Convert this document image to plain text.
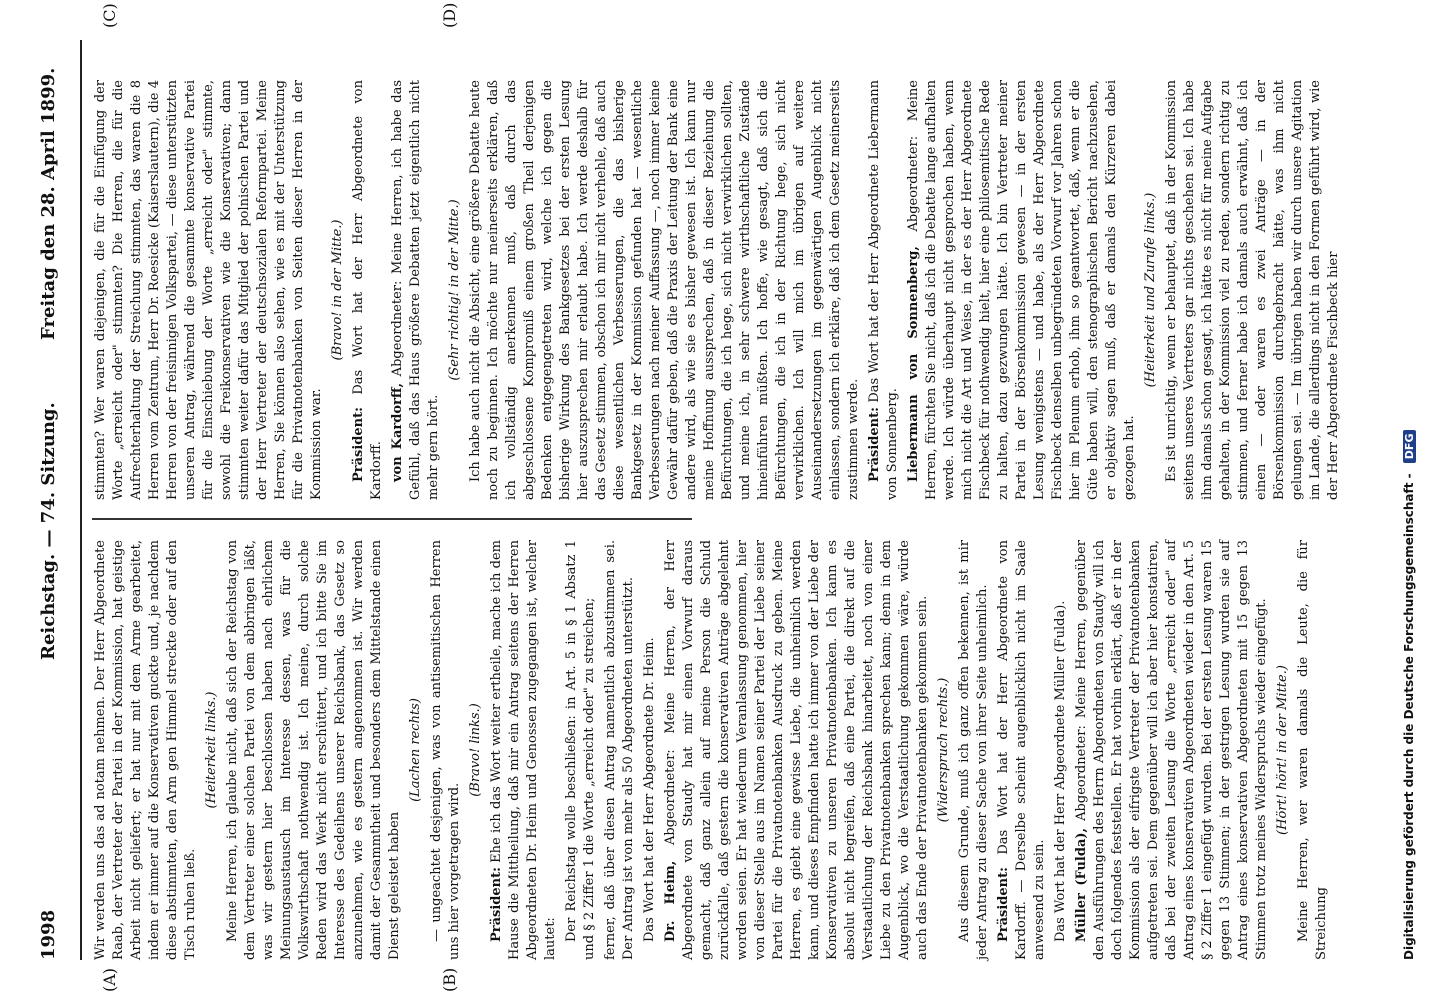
1998
Reichstag. — 74. Sitzung.
Freitag den 28. April 1899.
(A)	(B)
(C)	(D)

Wir werden uns das ad notam nehmen. Der Herr Abgeordnete Raab, der Vertreter der Partei in der Kommission, hat geistige Arbeit nicht geliefert; er hat nur mit dem Arme gearbeitet, indem er immer auf die Konservativen guckte und, je nachdem diese abstimmten, den Arm gen Himmel streckte oder auf den Tisch ruhen ließ.

(Heiterkeit links.) Meine Herren, ich glaube nicht, daß sich der Reichstag von dem Vertreter einer solchen Partei von dem abbringen läßt, was wir gestern hier beschlossen haben nach ehrlichem Meinungsaustausch im Interesse dessen, was für die Volkswirthschaft nothwendig ist. Ich meine, durch solche Reden wird das Werk nicht erschüttert, und ich bitte Sie im Interesse des Gedeihens unserer Reichsbank, das Gesetz so anzunehmen, wie es gestern angenommen ist. Wir werden damit der Gesammtheit und besonders dem Mittelstande einen Dienst geleistet haben

(Lachen rechts) — ungeachtet desjenigen, was von antisemitischen Herren uns hier vorgetragen wird.

(Bravo! links.)

Präsident: Ehe ich das Wort weiter ertheile, mache ich dem Hause die Mittheilung, daß mir ein Antrag seitens der Herren Abgeordneten Dr. Heim und Genossen zugegangen ist, welcher lautet: Der Reichstag wolle beschließen: in Art. 5 in § 1 Absatz 1 und § 2 Ziffer 1 die Worte „erreicht oder" zu streichen; ferner, daß über diesen Antrag namentlich abzustimmen sei. Der Antrag ist von mehr als 50 Abgeordneten unterstützt. Das Wort hat der Herr Abgeordnete Dr. Heim. Dr. Heim, Abgeordneter: Meine Herren, der Herr Abgeordnete von Staudy hat mir einen Vorwurf daraus gemacht, daß ganz allein auf meine Person die Schuld zurückfalle, daß gestern die konservativen Anträge abgelehnt worden seien. Er hat wiederum Veranlassung genommen, hier von dieser Stelle aus im Namen seiner Partei der Liebe seiner Partei für die Privatnotenbanken Ausdruck zu geben. Meine Herren, es giebt eine gewisse Liebe, die unheimlich werden kann, und dieses Empfinden hatte ich immer von der Liebe der Konservativen zu unseren Privatnotenbanken. Ich kann es absolut nicht begreifen, daß eine Partei, die direkt auf die Verstaatlichung der Reichsbank hinarbeitet, noch von einer Liebe zu den Privatnotenbanken sprechen kann; denn in dem Augenblick, wo die Verstaatlichung gekommen wäre, würde auch das Ende der Privatnotenbanken gekommen sein. (Widerspruch rechts.) Aus diesem Grunde, muß ich ganz offen bekennen, ist mir jeder Antrag zu dieser Sache von ihrer Seite unheimlich. Präsident: Das Wort hat der Herr Abgeordnete von Kardorff. — Derselbe scheint augenblicklich nicht im Saale anwesend zu sein. Das Wort hat der Herr Abgeordnete Müller (Fulda). Müller (Fulda), Abgeordneter: Meine Herren, gegenüber den Ausführungen des Herrn Abgeordneten von Staudy will ich doch folgendes feststellen. Er hat vorhin erklärt, daß er in der Kommission als der eifrigste Vertreter der Privatnotenbanken aufgetreten sei. Dem gegenüber will ich aber hier konstatiren, daß bei der zweiten Lesung die Worte „erreicht oder" auf Antrag eines konservativen Abgeordneten wieder in den Art. 5 § 2 Ziffer 1 eingefügt wurden. Bei der ersten Lesung waren 15 gegen 13 Stimmen; in der gestrigen Lesung wurden sie auf Antrag eines konservativen Abgeordneten mit 15 gegen 13 Stimmen trotz meines Widerspruchs wieder eingefügt. (Hört! hört! in der Mitte.) Meine Herren, wer waren damals die Leute, die für Streichung

stimmten? Wer waren diejenigen, die für die Einfügung der Worte „erreicht oder" stimmten? Die Herren, die für die Aufrechterhaltung der Streichung stimmten, das waren die 8 Herren vom Zentrum, Herr Dr. Roesicke (Kaiserslautern), die 4 Herren von der freisinnigen Volkspartei, — diese unterstützten unseren Antrag, während die gesammte konservative Partei für die Einschiebung der Worte „erreicht oder" stimmte, sowohl die Freikonservativen wie die Konservativen; dann stimmten weiter dafür das Mitglied der polnischen Partei und der Herr Vertreter der deutschsozialen Reformpartei. Meine Herren, Sie können also sehen, wie es mit der Unterstützung für die Privatnotenbanken von Seiten dieser Herren in der Kommission war.

(Bravo! in der Mitte.)

Präsident: Das Wort hat der Herr Abgeordnete von Kardorff. von Kardorff, Abgeordneter: Meine Herren, ich habe das Gefühl, daß das Haus größere Debatten jetzt eigentlich nicht mehr gern hört.

(Sehr richtig! in der Mitte.) Ich habe auch nicht die Absicht, eine größere Debatte heute noch zu beginnen. Ich möchte nur meinerseits erklären, daß ich vollständig anerkennen muß, daß durch das abgeschlossene Kompromiß einem großen Theil derjenigen Bedenken entgegengetreten wird, welche ich gegen die bisherige Wirkung des Bankgesetzes bei der ersten Lesung hier auszusprechen mir erlaubt habe. Ich werde deshalb für das Gesetz stimmen, obschon ich mir nicht verhehle, daß auch diese wesentlichen Verbesserungen, die das bisherige Bankgesetz in der Kommission gefunden hat — wesentliche Verbesserungen nach meiner Auffassung —, noch immer keine Gewähr dafür geben, daß die Praxis der Leitung der Bank eine andere wird, als wie sie es bisher gewesen ist. Ich kann nur meine Hoffnung aussprechen, daß in dieser Beziehung die Befürchtungen, die ich hege, sich nicht verwirklichen sollten, und meine ich, in sehr schwere wirthschaftliche Zustände hineinführen müßten. Ich hoffe, wie gesagt, daß sich die Befürchtungen, die ich in der Richtung hege, sich nicht verwirklichen. Ich will mich im übrigen auf weitere Auseinandersetzungen im gegenwärtigen Augenblick nicht einlassen, sondern ich erkläre, daß ich dem Gesetz meinerseits zustimmen werde. Präsident: Das Wort hat der Herr Abgeordnete Liebermann von Sonnenberg. Liebermann von Sonnenberg, Abgeordneter: Meine Herren, fürchten Sie nicht, daß ich die Debatte lange aufhalten werde. Ich würde überhaupt nicht gesprochen haben, wenn mich nicht die Art und Weise, in der es der Herr Abgeordnete Fischbeck für nothwendig hielt, hier eine philosemitische Rede zu halten, dazu gezwungen hätte. Ich bin Vertreter meiner Partei in der Börsenkommission gewesen — in der ersten Lesung wenigstens — und habe, als der Herr Abgeordnete Fischbeck denselben unbegründeten Vorwurf vor Jahren schon hier im Plenum erhob, ihm so geantwortet, daß, wenn er die Güte haben will, den stenographischen Bericht nachzusehen, er objektiv sagen muß, daß er damals den Kürzeren dabei gezogen hat.

(Heiterkeit und Zurufe links.) Es ist unrichtig, wenn er behauptet, daß in der Kommission seitens unseres Vertreters gar nichts geschehen sei. Ich habe ihm damals schon gesagt, ich hätte es nicht für meine Aufgabe gehalten, in der Kommission viel zu reden, sondern richtig zu stimmen, und ferner habe ich damals auch erwähnt, daß ich einen — oder waren es zwei Anträge — in der Börsenkommission durchgebracht hätte, was ihm nicht gelungen sei. — Im übrigen haben wir durch unsere Agitation im Lande, die allerdings nicht in den Formen geführt wird, wie der Herr Abgeordnete Fischbeck hier

Digitalisierung gefördert durch die Deutsche Forschungsgemeinschaft - DFG
